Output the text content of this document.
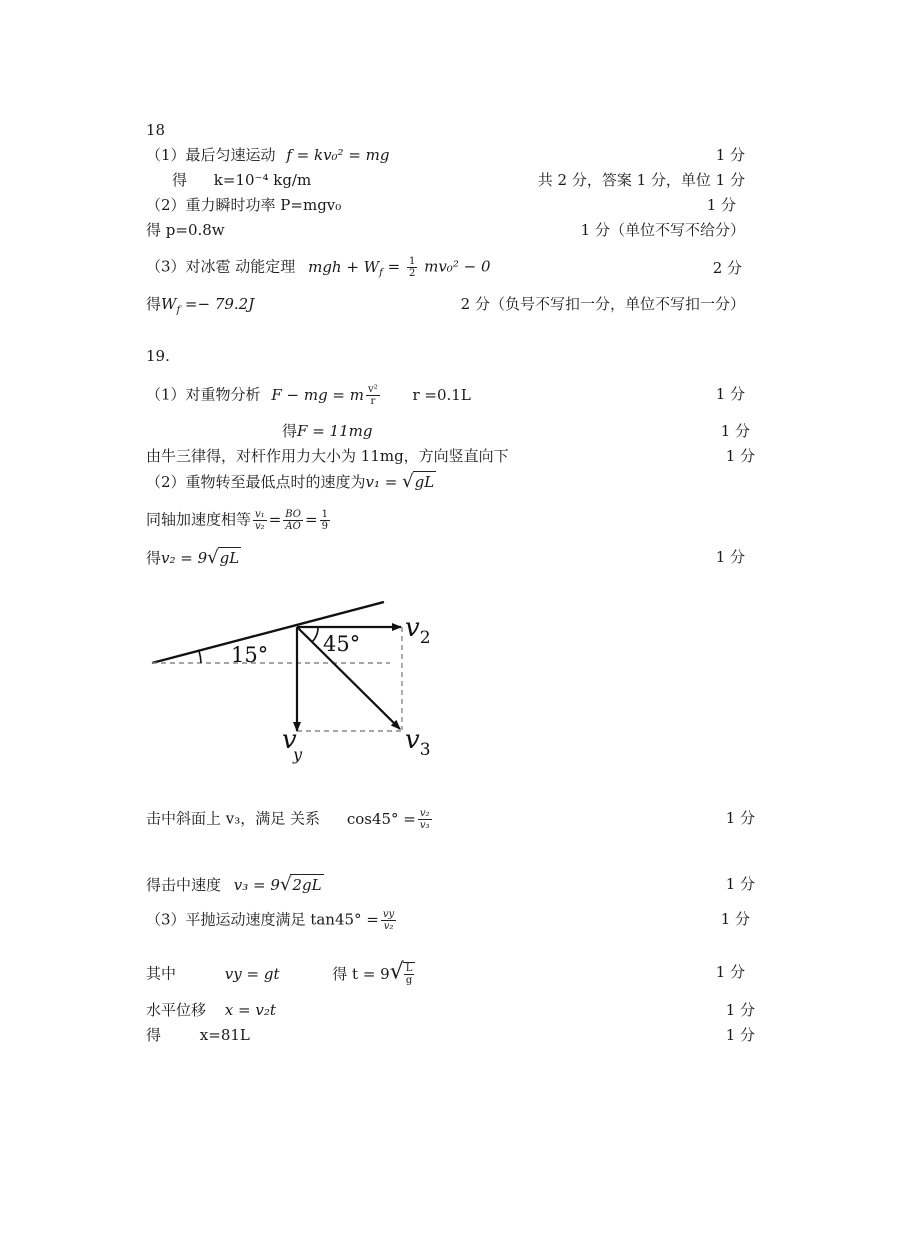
18
（1）最后匀速运动 f = kv₀² = mg	1 分
得 k=10⁻⁴ kg/m	共 2 分，答案 1 分，单位 1 分
（2）重力瞬时功率 P=mgv₀	1 分
得 p=0.8w	1 分（单位不写不给分）
（3）对冰雹 动能定理 mgh + $W_f = \frac{1}{2} mv_0^2 - 0$	2 分
得$W_f =- 79.2J$	2 分（负号不写扣一分，单位不写扣一分）
19.
（1）对重物分析 F − mg = m $\frac{\text{v²}}{r}$ r =0.1L	1 分
得F = 11mg	1 分
由牛三律得，对杆作用力大小为 11mg，方向竖直向下	1 分
（2）重物转至最低点时的速度为v₁ = √gL
同轴加速度相等 $\frac{\text{v₁}}{\text{v₂}} = \frac{BO}{AO} = \frac{1}{9}$
得v₂ = 9√gL	1 分
15°	45°
$v_2$
$v_3$
vy
击中斜面上 v₃，满足 关系 $\cos 45^\circ = \frac{\text{v₂}}{\text{v₃}}$	1 分
得击中速度 v₃ = 9√2gL	1 分
（3）平抛运动速度满足 $\tan 45^\circ = \frac{vy}{\text{v₂}}$	1 分
其中	vy = gt	得 $t = 9√ \frac{L}{g}$	1 分
水平位移 x = v₂t	1 分
得	x=81L	1 分
